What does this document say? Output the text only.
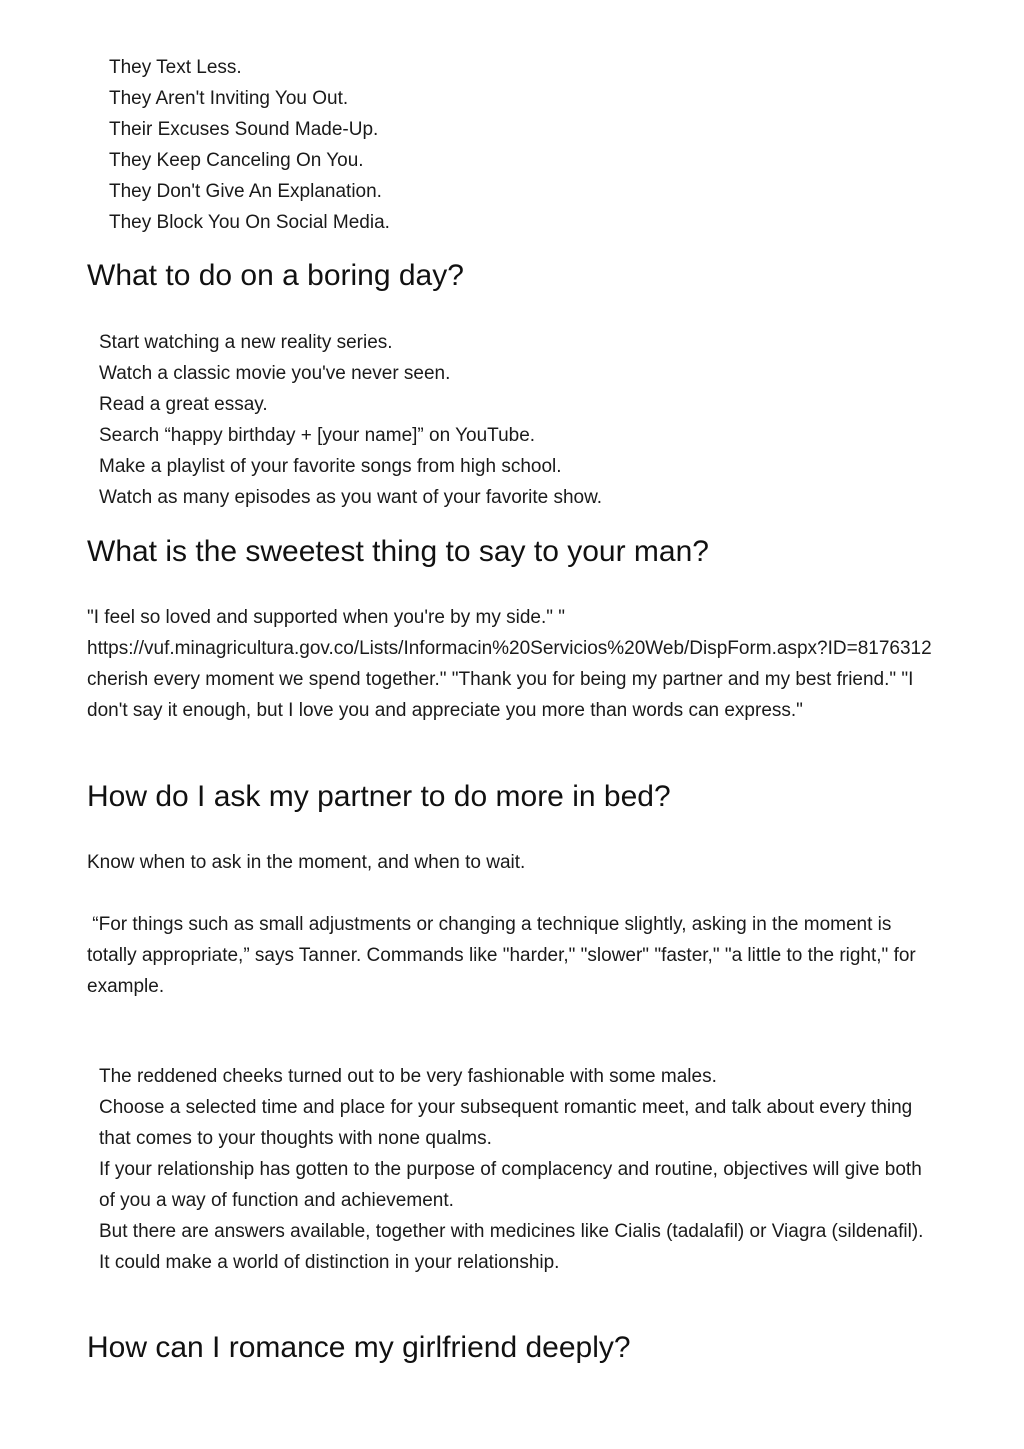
They Text Less.
They Aren't Inviting You Out.
Their Excuses Sound Made-Up.
They Keep Canceling On You.
They Don't Give An Explanation.
They Block You On Social Media.
What to do on a boring day?
Start watching a new reality series.
Watch a classic movie you've never seen.
Read a great essay.
Search “happy birthday + [your name]” on YouTube.
Make a playlist of your favorite songs from high school.
Watch as many episodes as you want of your favorite show.
What is the sweetest thing to say to your man?

"I feel so loved and supported when you're by my side." " https://vuf.minagricultura.gov.co/Lists/Informacin%20Servicios%20Web/DispForm.aspx?ID=8176312 cherish every moment we spend together." "Thank you for being my partner and my best friend." "I don't say it enough, but I love you and appreciate you more than words can express."

How do I ask my partner to do more in bed?

Know when to ask in the moment, and when to wait.

“For things such as small adjustments or changing a technique slightly, asking in the moment is totally appropriate,” says Tanner. Commands like "harder," "slower" "faster," "a little to the right," for example.

The reddened cheeks turned out to be very fashionable with some males.
Choose a selected time and place for your subsequent romantic meet, and talk about every thing that comes to your thoughts with none qualms.
If your relationship has gotten to the purpose of complacency and routine, objectives will give both of you a way of function and achievement.
But there are answers available, together with medicines like Cialis (tadalafil) or Viagra (sildenafil).
It could make a world of distinction in your relationship.
How can I romance my girlfriend deeply?
